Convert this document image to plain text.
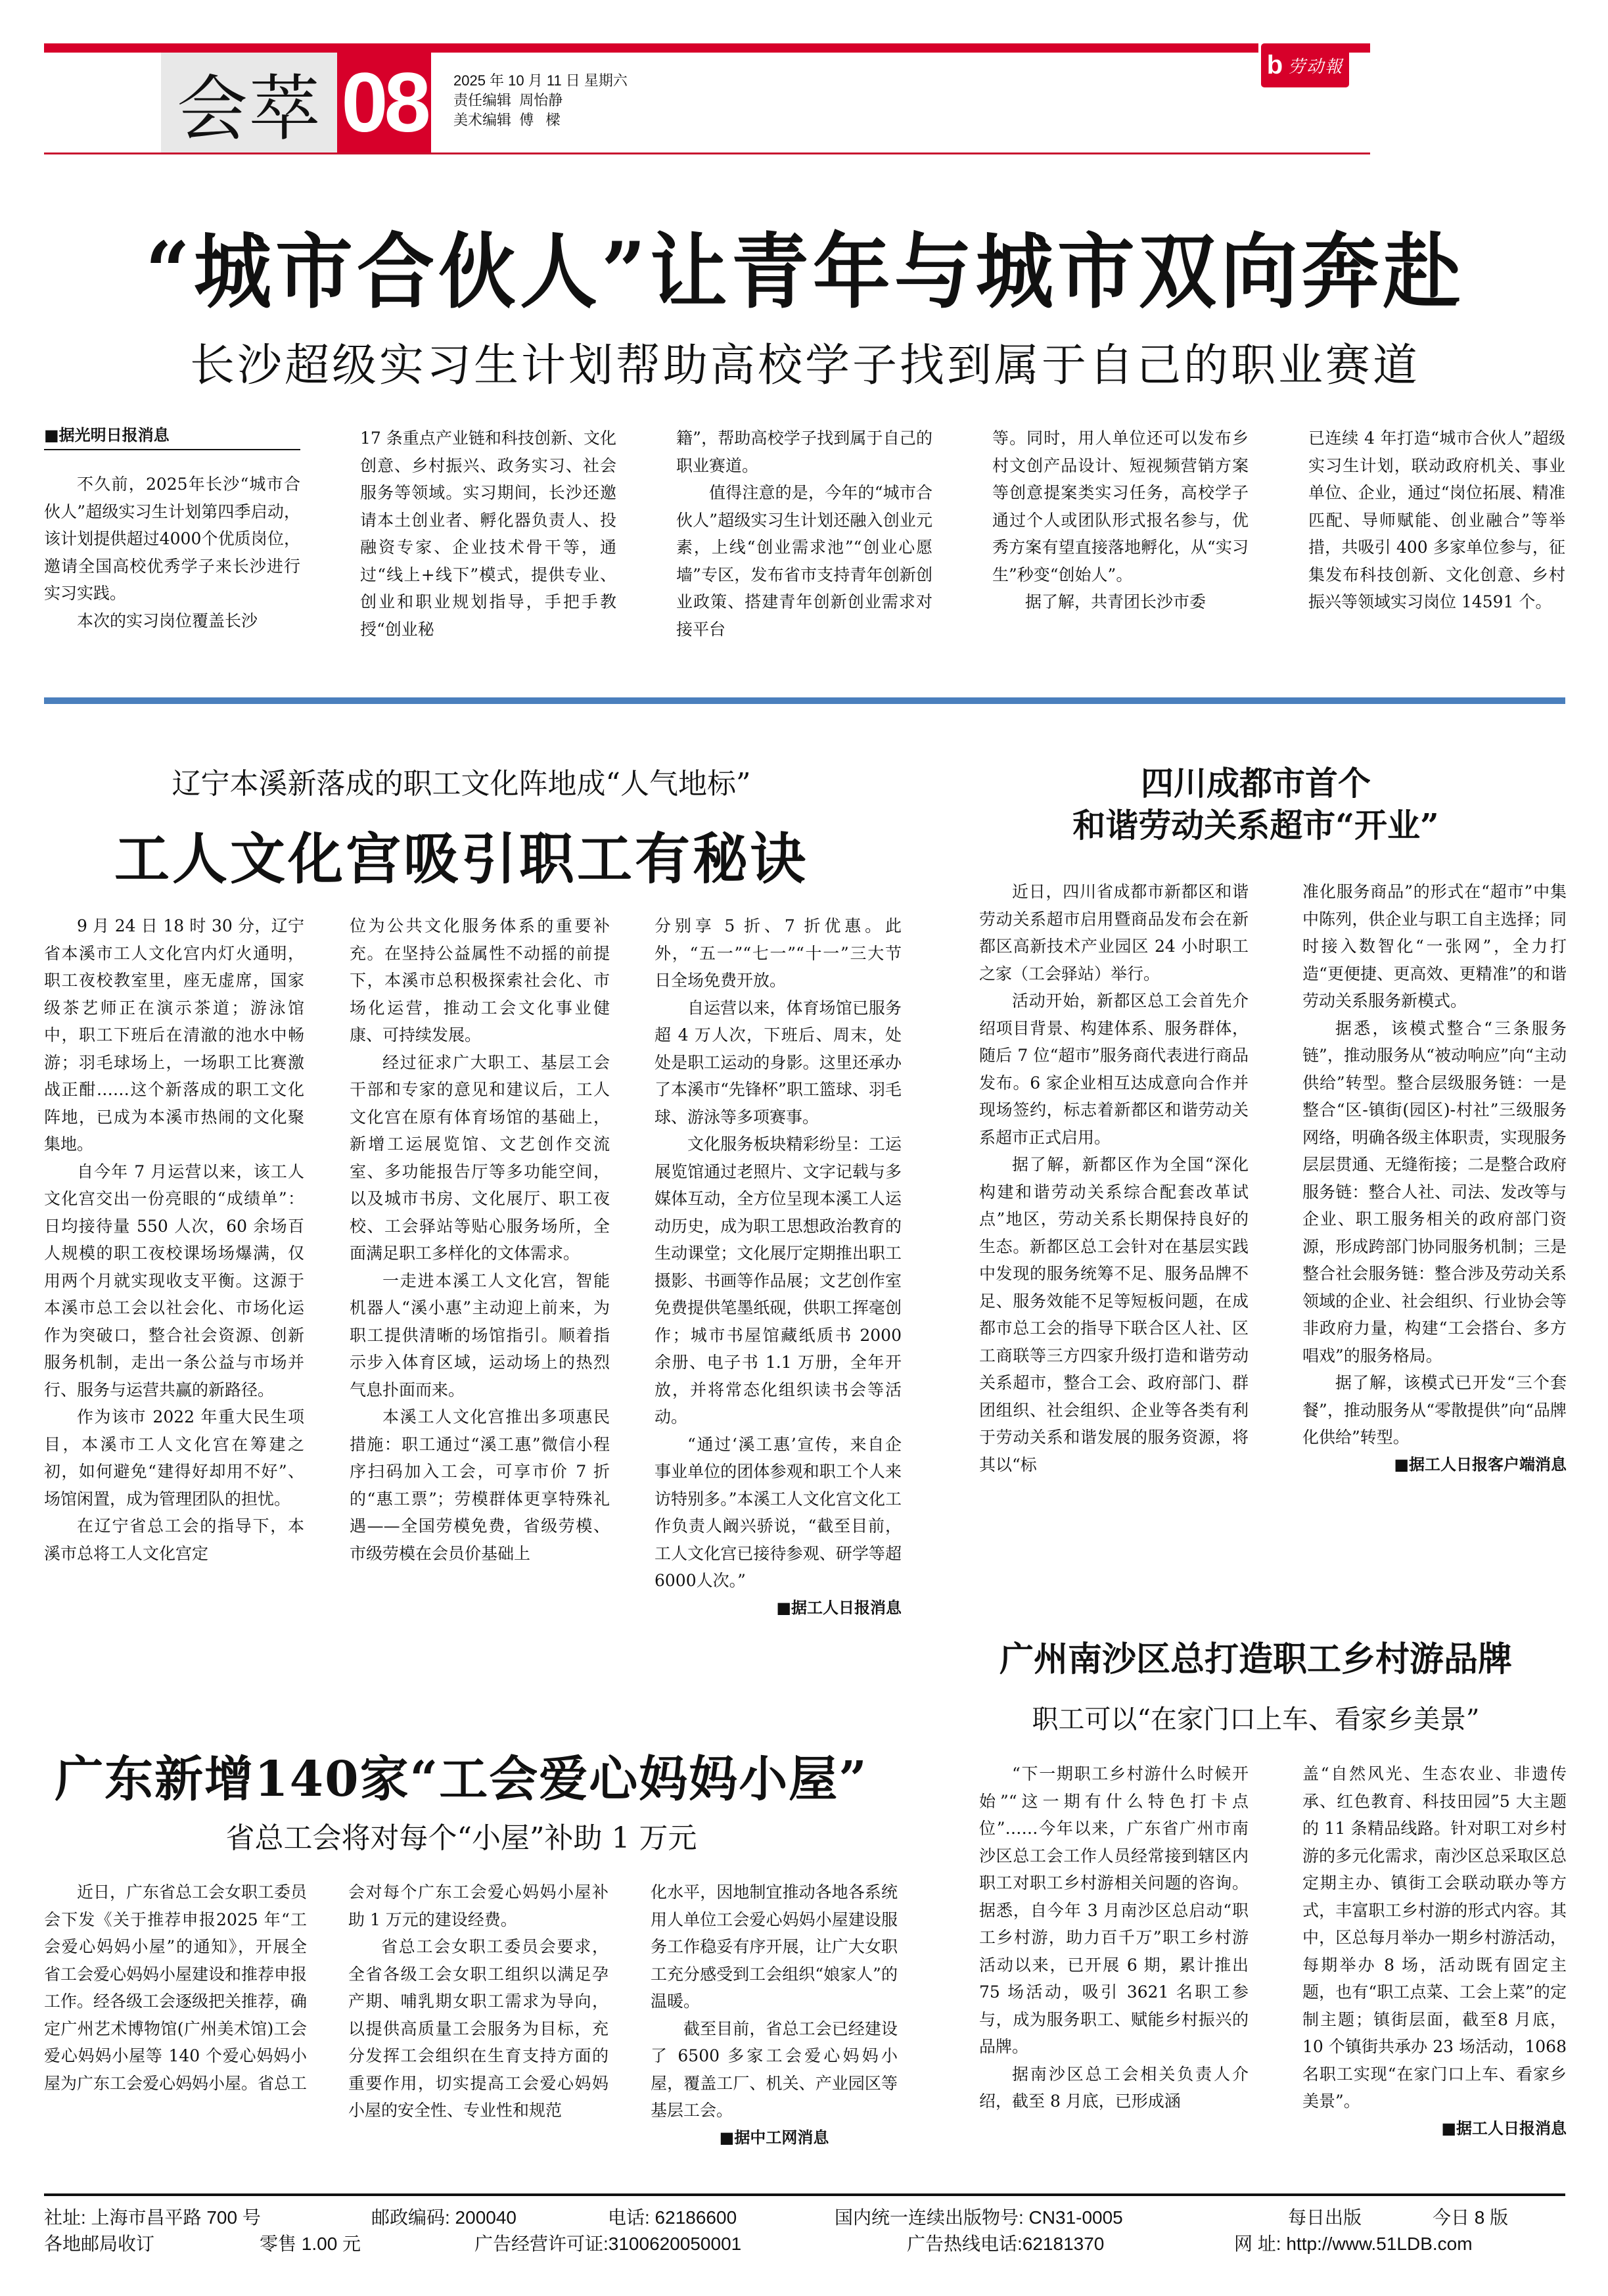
会萃 08 2025 年 10 月 11 日 星期六
责任编辑  周怡静
美术编辑  傅   樑
b 劳动報
“城市合伙人”让青年与城市双向奔赴
长沙超级实习生计划帮助高校学子找到属于自己的职业赛道
■据光明日报消息

不久前，2025年长沙“城市合伙人”超级实习生计划第四季启动，该计划提供超过4000个优质岗位，邀请全国高校优秀学子来长沙进行实习实践。

本次的实习岗位覆盖长沙

17 条重点产业链和科技创新、文化创意、乡村振兴、政务实习、社会服务等领域。实习期间，长沙还邀请本土创业者、孵化器负责人、投融资专家、企业技术骨干等，通过“线上+线下”模式，提供专业、创业和职业规划指导，手把手教授“创业秘

籍”，帮助高校学子找到属于自己的职业赛道。

值得注意的是，今年的“城市合伙人”超级实习生计划还融入创业元素，上线“创业需求池”“创业心愿墙”专区，发布省市支持青年创新创业政策、搭建青年创新创业需求对接平台

等。同时，用人单位还可以发布乡村文创产品设计、短视频营销方案等创意提案类实习任务，高校学子通过个人或团队形式报名参与，优秀方案有望直接落地孵化，从“实习生”秒变“创始人”。

据了解，共青团长沙市委

已连续 4 年打造“城市合伙人”超级实习生计划，联动政府机关、事业单位、企业，通过“岗位拓展、精准匹配、导师赋能、创业融合”等举措，共吸引 400 多家单位参与，征集发布科技创新、文化创意、乡村振兴等领域实习岗位 14591 个。

辽宁本溪新落成的职工文化阵地成“人气地标”
工人文化宫吸引职工有秘诀

9 月 24 日 18 时 30 分，辽宁省本溪市工人文化宫内灯火通明，职工夜校教室里，座无虚席，国家级茶艺师正在演示茶道；游泳馆中，职工下班后在清澈的池水中畅游；羽毛球场上，一场职工比赛激战正酣……这个新落成的职工文化阵地，已成为本溪市热闹的文化聚集地。

自今年 7 月运营以来，该工人文化宫交出一份亮眼的“成绩单”：日均接待量 550 人次，60 余场百人规模的职工夜校课场场爆满，仅用两个月就实现收支平衡。这源于本溪市总工会以社会化、市场化运作为突破口，整合社会资源、创新服务机制，走出一条公益与市场并行、服务与运营共赢的新路径。

作为该市 2022 年重大民生项目，本溪市工人文化宫在筹建之初，如何避免“建得好却用不好”、场馆闲置，成为管理团队的担忧。

在辽宁省总工会的指导下，本溪市总将工人文化宫定

位为公共文化服务体系的重要补充。在坚持公益属性不动摇的前提下，本溪市总积极探索社会化、市场化运营，推动工会文化事业健康、可持续发展。

经过征求广大职工、基层工会干部和专家的意见和建议后，工人文化宫在原有体育场馆的基础上，新增工运展览馆、文艺创作交流室、多功能报告厅等多功能空间，以及城市书房、文化展厅、职工夜校、工会驿站等贴心服务场所，全面满足职工多样化的文体需求。

一走进本溪工人文化宫，智能机器人“溪小惠”主动迎上前来，为职工提供清晰的场馆指引。顺着指示步入体育区域，运动场上的热烈气息扑面而来。

本溪工人文化宫推出多项惠民措施：职工通过“溪工惠”微信小程序扫码加入工会，可享市价 7 折的“惠工票”；劳模群体更享特殊礼遇——全国劳模免费，省级劳模、市级劳模在会员价基础上

分别享 5 折、7 折优惠。此外，“五一”“七一”“十一”三大节日全场免费开放。

自运营以来，体育场馆已服务超 4 万人次，下班后、周末，处处是职工运动的身影。这里还承办了本溪市“先锋杯”职工篮球、羽毛球、游泳等多项赛事。

文化服务板块精彩纷呈：工运展览馆通过老照片、文字记载与多媒体互动，全方位呈现本溪工人运动历史，成为职工思想政治教育的生动课堂；文化展厅定期推出职工摄影、书画等作品展；文艺创作室免费提供笔墨纸砚，供职工挥毫创作；城市书屋馆藏纸质书 2000 余册、电子书 1.1 万册，全年开放，并将常态化组织读书会等活动。

“通过‘溪工惠’宣传，来自企事业单位的团体参观和职工个人来访特别多。”本溪工人文化宫文化工作负责人阚兴骄说，“截至目前，工人文化宫已接待参观、研学等超6000人次。”

■据工人日报消息
四川成都市首个
和谐劳动关系超市“开业”

近日，四川省成都市新都区和谐劳动关系超市启用暨商品发布会在新都区高新技术产业园区 24 小时职工之家（工会驿站）举行。

活动开始，新都区总工会首先介绍项目背景、构建体系、服务群体，随后 7 位“超市”服务商代表进行商品发布。6 家企业相互达成意向合作并现场签约，标志着新都区和谐劳动关系超市正式启用。

据了解，新都区作为全国“深化构建和谐劳动关系综合配套改革试点”地区，劳动关系长期保持良好的生态。新都区总工会针对在基层实践中发现的服务统筹不足、服务品牌不足、服务效能不足等短板问题，在成都市总工会的指导下联合区人社、区工商联等三方四家升级打造和谐劳动关系超市，整合工会、政府部门、群团组织、社会组织、企业等各类有利于劳动关系和谐发展的服务资源，将其以“标

准化服务商品”的形式在“超市”中集中陈列，供企业与职工自主选择；同时接入数智化“一张网”，全力打造“更便捷、更高效、更精准”的和谐劳动关系服务新模式。

据悉，该模式整合“三条服务链”，推动服务从“被动响应”向“主动供给”转型。整合层级服务链：一是整合“区-镇街(园区)-村社”三级服务网络，明确各级主体职责，实现服务层层贯通、无缝衔接；二是整合政府服务链：整合人社、司法、发改等与企业、职工服务相关的政府部门资源，形成跨部门协同服务机制；三是整合社会服务链：整合涉及劳动关系领域的企业、社会组织、行业协会等非政府力量，构建“工会搭台、多方唱戏”的服务格局。

据了解，该模式已开发“三个套餐”，推动服务从“零散提供”向“品牌化供给”转型。

■据工人日报客户端消息
广州南沙区总打造职工乡村游品牌
职工可以“在家门口上车、看家乡美景”

“下一期职工乡村游什么时候开始”“这一期有什么特色打卡点位”……今年以来，广东省广州市南沙区总工会工作人员经常接到辖区内职工对职工乡村游相关问题的咨询。据悉，自今年 3 月南沙区总启动“职工乡村游，助力百千万”职工乡村游活动以来，已开展 6 期，累计推出 75 场活动，吸引 3621 名职工参与，成为服务职工、赋能乡村振兴的品牌。

据南沙区总工会相关负责人介绍，截至 8 月底，已形成涵

盖“自然风光、生态农业、非遗传承、红色教育、科技田园”5 大主题的 11 条精品线路。针对职工对乡村游的多元化需求，南沙区总采取区总定期主办、镇街工会联动联办等方式，丰富职工乡村游的形式内容。其中，区总每月举办一期乡村游活动，每期举办 8 场，活动既有固定主题，也有“职工点菜、工会上菜”的定制主题；镇街层面，截至8 月底，10 个镇街共承办 23 场活动，1068 名职工实现“在家门口上车、看家乡美景”。

■据工人日报消息
广东新增140家“工会爱心妈妈小屋”
省总工会将对每个“小屋”补助 1 万元

近日，广东省总工会女职工委员会下发《关于推荐申报2025 年“工会爱心妈妈小屋”的通知》，开展全省工会爱心妈妈小屋建设和推荐申报工作。经各级工会逐级把关推荐，确定广州艺术博物馆(广州美术馆)工会爱心妈妈小屋等 140 个爱心妈妈小屋为广东工会爱心妈妈小屋。省总工

会对每个广东工会爱心妈妈小屋补助 1 万元的建设经费。

省总工会女职工委员会要求，全省各级工会女职工组织以满足孕产期、哺乳期女职工需求为导向，以提供高质量工会服务为目标，充分发挥工会组织在生育支持方面的重要作用，切实提高工会爱心妈妈小屋的安全性、专业性和规范

化水平，因地制宜推动各地各系统用人单位工会爱心妈妈小屋建设服务工作稳妥有序开展，让广大女职工充分感受到工会组织“娘家人”的温暖。

截至目前，省总工会已经建设了 6500 多家工会爱心妈妈小屋，覆盖工厂、机关、产业园区等基层工会。

■据中工网消息
社址: 上海市昌平路 700 号	邮政编码: 200040	电话: 62186600	国内统一连续出版物号: CN31-0005	每日出版	今日 8 版
各地邮局收订	零售 1.00 元	广告经营许可证:3100620050001	广告热线电话:62181370	网 址: http://www.51LDB.com
